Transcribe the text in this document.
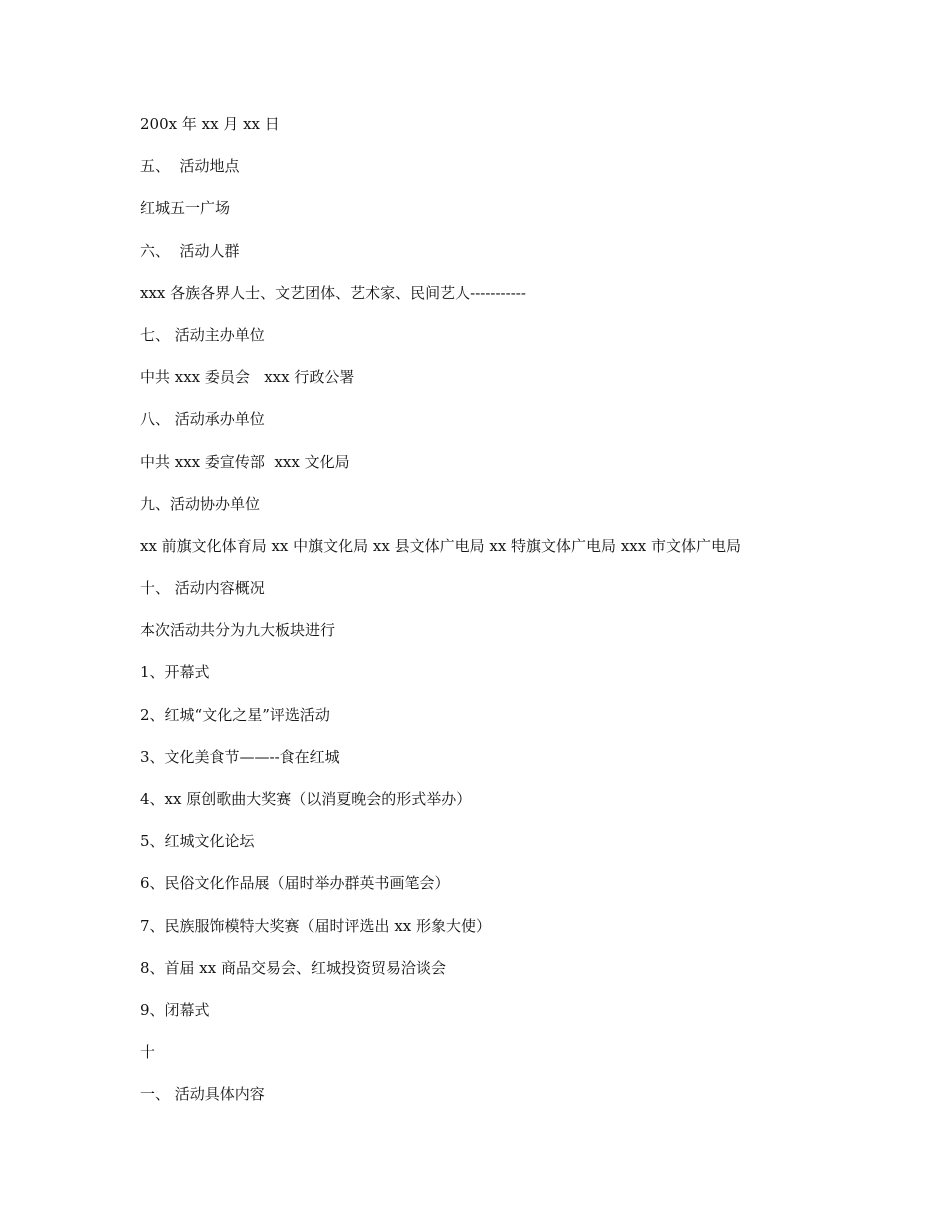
200x 年 xx 月 xx 日
五、  活动地点
红城五一广场
六、  活动人群
xxx 各族各界人士、文艺团体、艺术家、民间艺人-----------
七、 活动主办单位
中共 xxx 委员会   xxx 行政公署
八、 活动承办单位
中共 xxx 委宣传部  xxx 文化局
九、活动协办单位
xx 前旗文化体育局 xx 中旗文化局 xx 县文体广电局 xx 特旗文体广电局 xxx 市文体广电局
十、 活动内容概况
本次活动共分为九大板块进行
1、开幕式
2、红城“文化之星”评选活动
3、文化美食节——--食在红城
4、xx 原创歌曲大奖赛（以消夏晚会的形式举办）
5、红城文化论坛
6、民俗文化作品展（届时举办群英书画笔会）
7、民族服饰模特大奖赛（届时评选出 xx 形象大使）
8、首届 xx 商品交易会、红城投资贸易洽谈会
9、闭幕式
十
一、 活动具体内容
